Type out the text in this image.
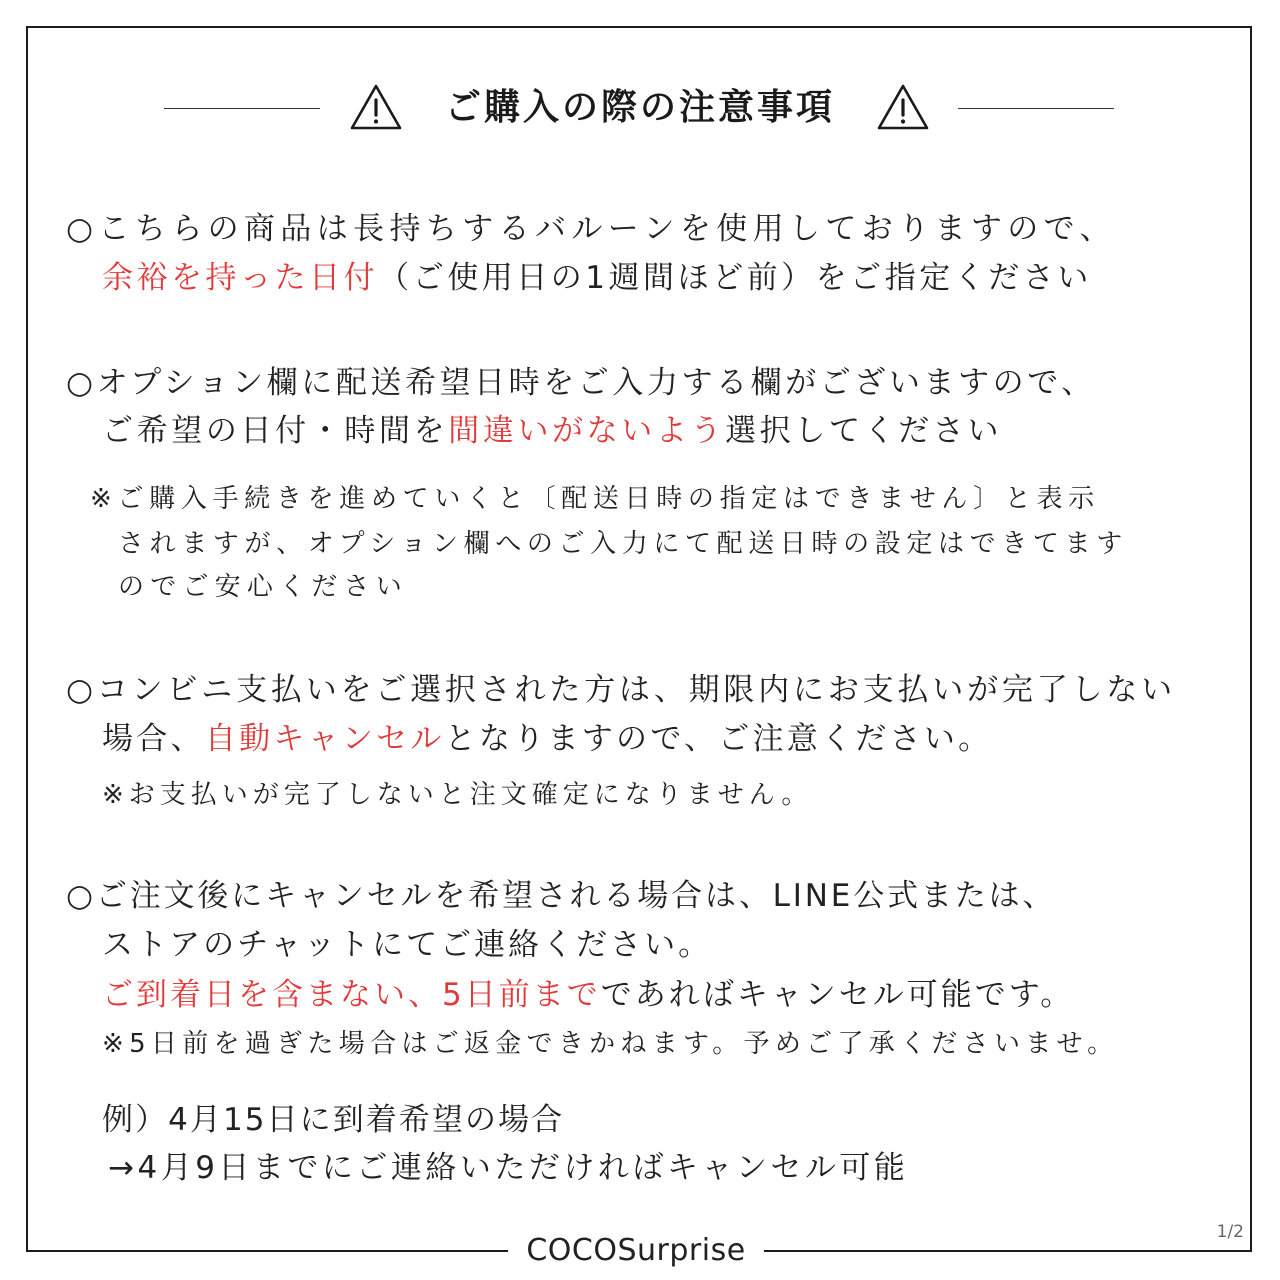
ご購入の際の注意事項
○こちらの商品は長持ちするバルーンを使用しておりますので、
余裕を持った日付（ご使用日の1週間ほど前）をご指定ください
○オプション欄に配送希望日時をご入力する欄がございますので、
ご希望の日付・時間を間違いがないよう選択してください
※ご購入手続きを進めていくと〔配送日時の指定はできません〕と表示
されますが、オプション欄へのご入力にて配送日時の設定はできてます
のでご安心ください
○コンビニ支払いをご選択された方は、期限内にお支払いが完了しない
場合、自動キャンセルとなりますので、ご注意ください。
※お支払いが完了しないと注文確定になりません。
○ご注文後にキャンセルを希望される場合は、LINE公式または、
ストアのチャットにてご連絡ください。
ご到着日を含まない、5日前までであればキャンセル可能です。
※5日前を過ぎた場合はご返金できかねます。予めご了承くださいませ。
例）4月15日に到着希望の場合
→4月9日までにご連絡いただければキャンセル可能
1/2
COCOSurprise
